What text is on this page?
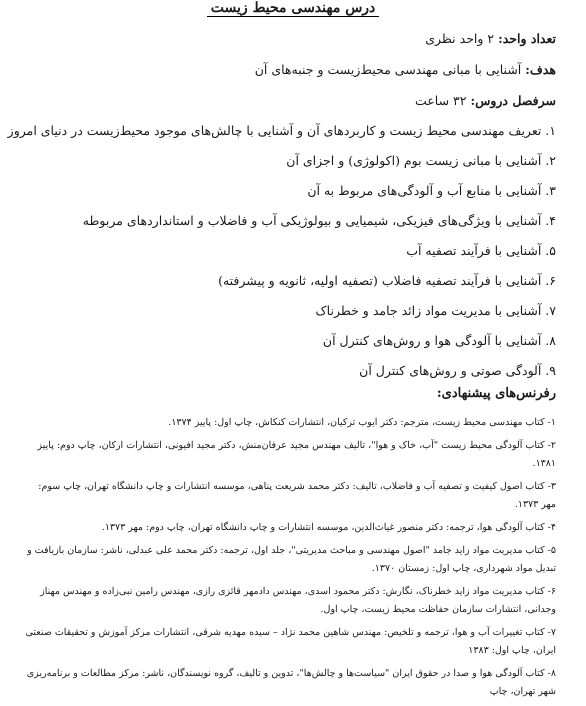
درس مهندسی محیط زیست
تعداد واحد: ۲ واحد نظری
هدف: آشنایی با مبانی مهندسی محیط‌زیست و جنبه‌های آن
سرفصل دروس: ۳۲ ساعت
۱. تعریف مهندسی محیط زیست و کاربردهای آن و آشنایی با چالش‌های موجود محیط‌زیست در دنیای امروز
۲. آشنایی با مبانی زیست بوم (اکولوژی) و اجزای آن
۳. آشنایی با منابع آب و آلودگی‌های مربوط به آن
۴. آشنایی با ویژگی‌های فیزیکی، شیمیایی و بیولوژیکی آب و فاضلاب و استانداردهای مربوطه
۵. آشنایی با فرآیند تصفیه آب
۶. آشنایی با فرآیند تصفیه فاضلاب (تصفیه اولیه، ثانویه و پیشرفته)
۷. آشنایی با مدیریت مواد زائد جامد و خطرناک
۸. آشنایی با آلودگی هوا و روش‌های کنترل آن
۹. آلودگی صوتی و روش‌های کنترل آن
رفرنس‌های پیشنهادی:
۱- کتاب مهندسی محیط زیست، مترجم: دکتر ایوب ترکیان، انتشارات کنکاش، چاپ اول: پاییز ۱۳۷۴.
۲- کتاب آلودگی محیط زیست "آب، خاک و هوا"، تالیف مهندس مجید عرفان‌منش، دکتر مجید افیونی، انتشارات ارکان، چاپ دوم: پاییز ۱۳۸۱.
۳- کتاب اصول کیفیت و تصفیه آب و فاضلاب، تالیف: دکتر محمد شریعت پناهی، موسسه انتشارات و چاپ دانشگاه تهران، چاپ سوم: مهر ۱۳۷۳.
۴- کتاب آلودگی هوا، ترجمه: دکتر منصور غیاث‌الدین، موسسه انتشارات و چاپ دانشگاه تهران، چاپ دوم: مهر ۱۳۷۳.
۵- کتاب مدیریت مواد زاید جامد "اصول مهندسی و مباحث مدیریتی"، جلد اول، ترجمه: دکتر محمد علی عبدلی، ناشر: سازمان بازیافت و تبدیل مواد شهرداری، چاپ اول: زمستان ۱۳۷۰.
۶- کتاب مدیریت مواد زاید خطرناک، نگارش: دکتر محمود اسدی، مهندس دادمهر قائزی رازی، مهندس رامین نبی‌زاده و مهندس مهناز وجدانی، انتشارات سازمان حفاظت محیط زیست، چاپ اول.
۷- کتاب تغییرات آب و هوا، ترجمه و تلخیص: مهندس شاهین محمد نژاد – سیده مهدیه شرقی، انتشارات مرکز آموزش و تحقیقات صنعتی ایران، چاپ اول: ۱۳۸۳
۸- کتاب آلودگی هوا و صدا در حقوق ایران "سیاست‌ها و چالش‌ها"، تدوین و تالیف، گروه نویسندگان، ناشر: مرکز مطالعات و برنامه‌ریزی شهر تهران، چاپ
